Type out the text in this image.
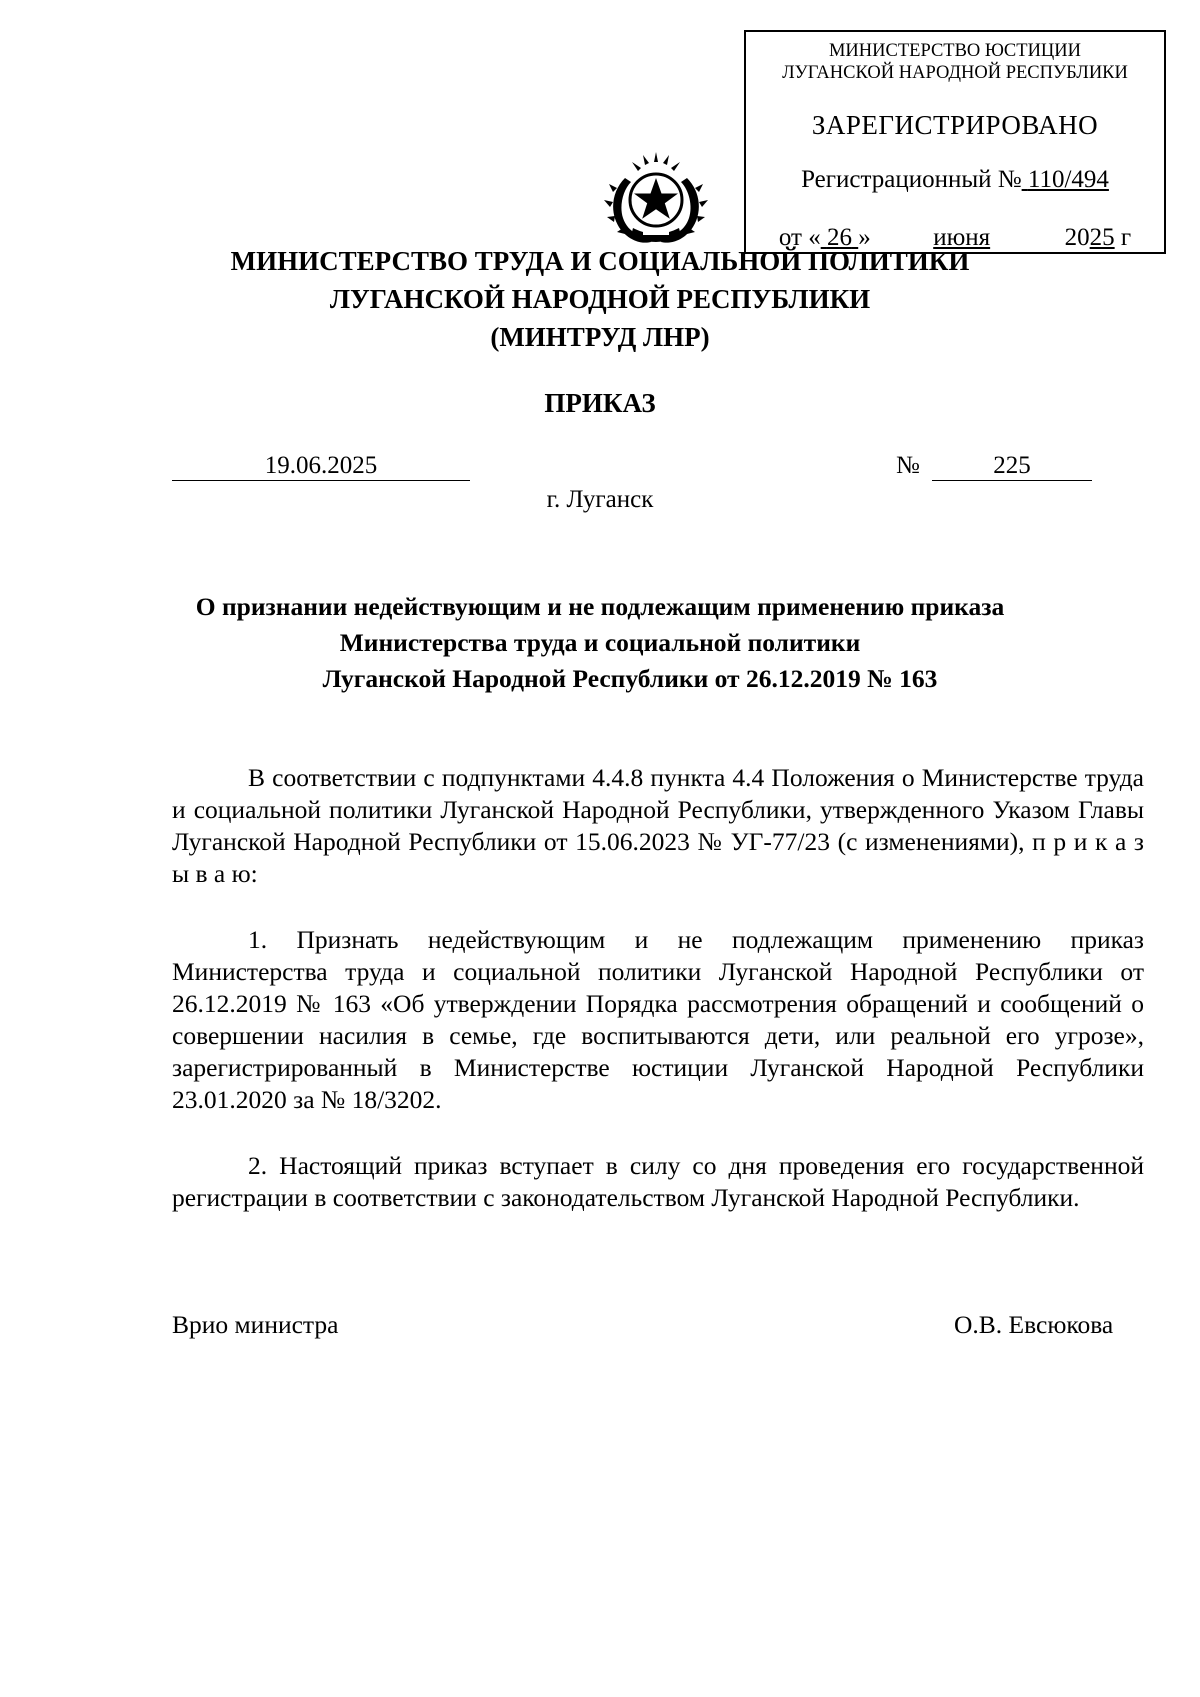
МИНИСТЕРСТВО ЮСТИЦИИ
ЛУГАНСКОЙ НАРОДНОЙ РЕСПУБЛИКИ
ЗАРЕГИСТРИРОВАНО
Регистрационный № 110/494
от « 26 »	июня	2025 г
МИНИСТЕРСТВО ТРУДА И СОЦИАЛЬНОЙ ПОЛИТИКИ
ЛУГАНСКОЙ НАРОДНОЙ РЕСПУБЛИКИ
(МИНТРУД ЛНР)
ПРИКАЗ
19.06.2025	№	225
г. Луганск
О признании недействующим и не подлежащим применению приказа
Министерства труда и социальной политики
Луганской Народной Республики от 26.12.2019 № 163
В соответствии с подпунктами 4.4.8 пункта 4.4 Положения о Министерстве труда и социальной политики Луганской Народной Республики, утвержденного Указом Главы Луганской Народной Республики от 15.06.2023 № УГ-77/23 (с изменениями), п р и к а з ы в а ю:
1. Признать недействующим и не подлежащим применению приказ Министерства труда и социальной политики Луганской Народной Республики от 26.12.2019 № 163 «Об утверждении Порядка рассмотрения обращений и сообщений о совершении насилия в семье, где воспитываются дети, или реальной его угрозе», зарегистрированный в Министерстве юстиции Луганской Народной Республики 23.01.2020 за № 18/3202.
2. Настоящий приказ вступает в силу со дня проведения его государственной регистрации в соответствии с законодательством Луганской Народной Республики.
Врио министра	О.В. Евсюкова
